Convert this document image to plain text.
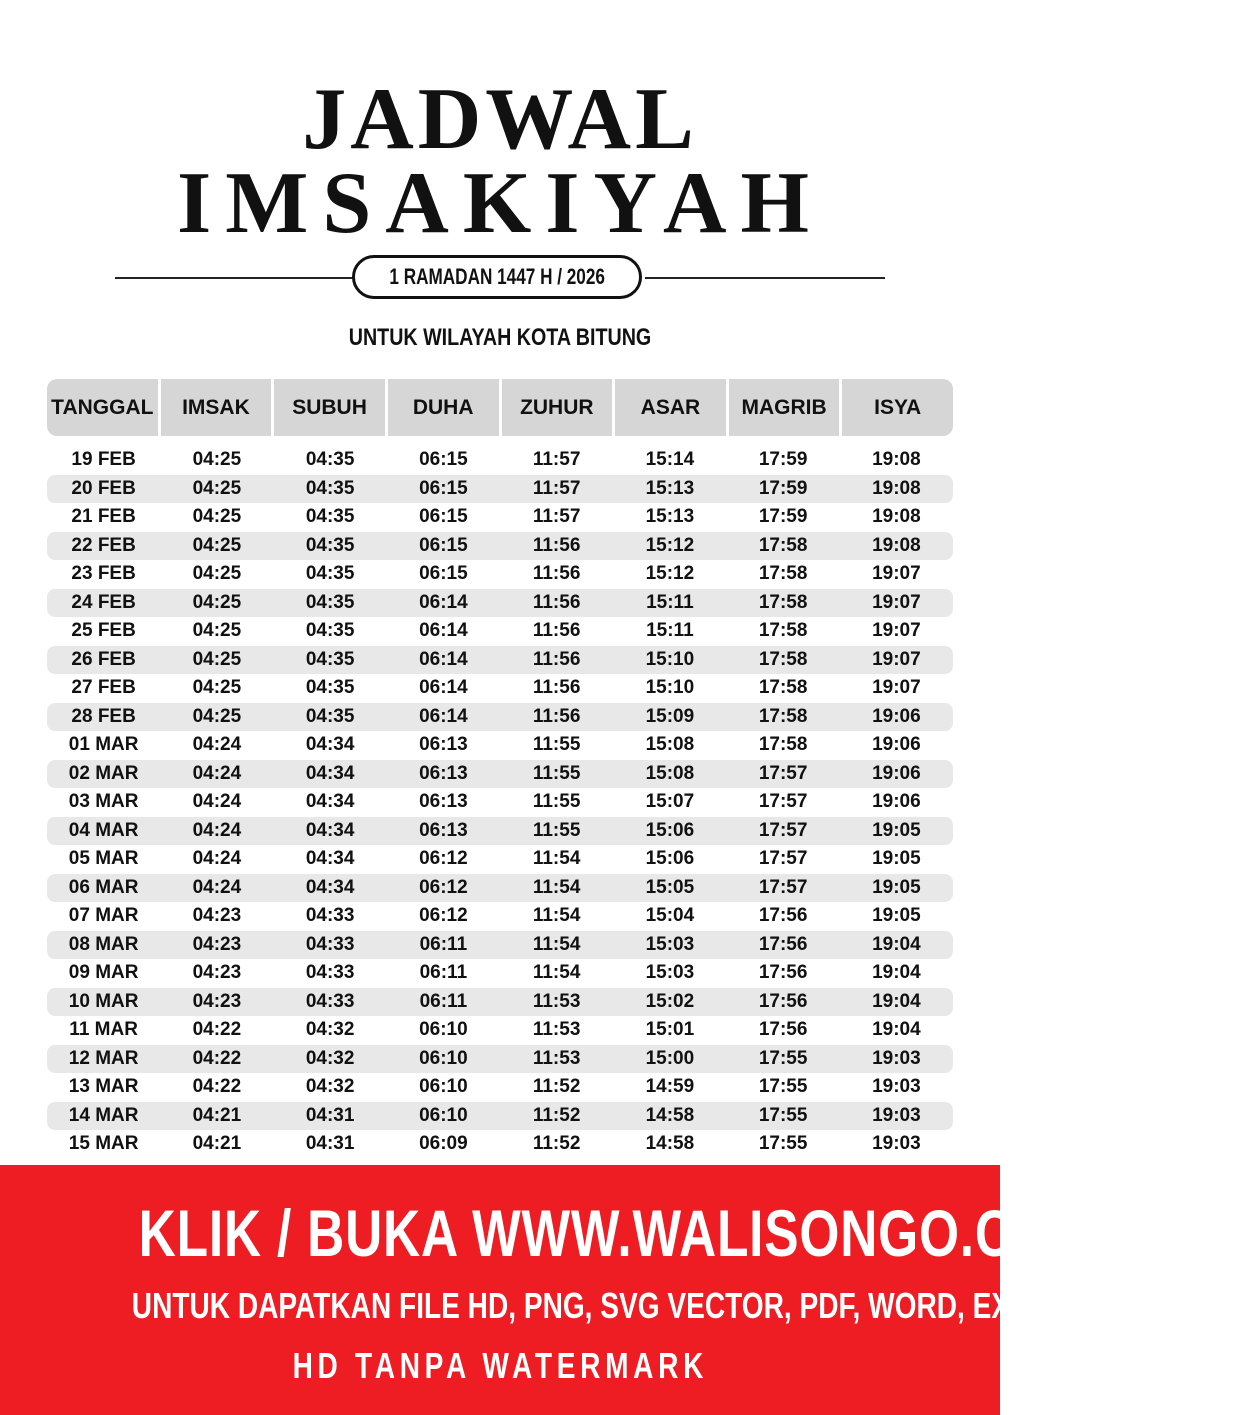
JADWAL
IMSAKIYAH
1 RAMADAN 1447 H / 2026

UNTUK WILAYAH KOTA BITUNG

TANGGAL	IMSAK	SUBUH	DUHA	ZUHUR	ASAR	MAGRIB	ISYA
19 FEB	04:25	04:35	06:15	11:57	15:14	17:59	19:08
20 FEB	04:25	04:35	06:15	11:57	15:13	17:59	19:08
21 FEB	04:25	04:35	06:15	11:57	15:13	17:59	19:08
22 FEB	04:25	04:35	06:15	11:56	15:12	17:58	19:08
23 FEB	04:25	04:35	06:15	11:56	15:12	17:58	19:07
24 FEB	04:25	04:35	06:14	11:56	15:11	17:58	19:07
25 FEB	04:25	04:35	06:14	11:56	15:11	17:58	19:07
26 FEB	04:25	04:35	06:14	11:56	15:10	17:58	19:07
27 FEB	04:25	04:35	06:14	11:56	15:10	17:58	19:07
28 FEB	04:25	04:35	06:14	11:56	15:09	17:58	19:06
01 MAR	04:24	04:34	06:13	11:55	15:08	17:58	19:06
02 MAR	04:24	04:34	06:13	11:55	15:08	17:57	19:06
03 MAR	04:24	04:34	06:13	11:55	15:07	17:57	19:06
04 MAR	04:24	04:34	06:13	11:55	15:06	17:57	19:05
05 MAR	04:24	04:34	06:12	11:54	15:06	17:57	19:05
06 MAR	04:24	04:34	06:12	11:54	15:05	17:57	19:05
07 MAR	04:23	04:33	06:12	11:54	15:04	17:56	19:05
08 MAR	04:23	04:33	06:11	11:54	15:03	17:56	19:04
09 MAR	04:23	04:33	06:11	11:54	15:03	17:56	19:04
10 MAR	04:23	04:33	06:11	11:53	15:02	17:56	19:04
11 MAR	04:22	04:32	06:10	11:53	15:01	17:56	19:04
12 MAR	04:22	04:32	06:10	11:53	15:00	17:55	19:03
13 MAR	04:22	04:32	06:10	11:52	14:59	17:55	19:03
14 MAR	04:21	04:31	06:10	11:52	14:58	17:55	19:03
15 MAR	04:21	04:31	06:09	11:52	14:58	17:55	19:03
KLIK / BUKA WWW.WALISONGO.CO.ID
UNTUK DAPATKAN FILE HD, PNG, SVG VECTOR, PDF, WORD, EXCEL
HD TANPA WATERMARK
